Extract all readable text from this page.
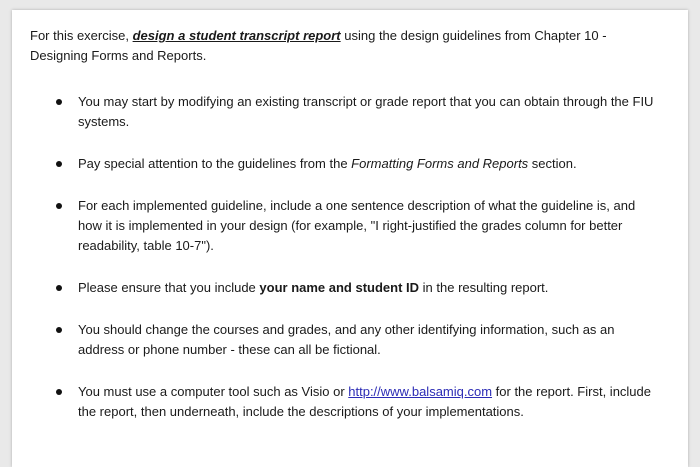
For this exercise, design a student transcript report using the design guidelines from Chapter 10 - Designing Forms and Reports.

You may start by modifying an existing transcript or grade report that you can obtain through the FIU systems.
Pay special attention to the guidelines from the Formatting Forms and Reports section.
For each implemented guideline, include a one sentence description of what the guideline is, and how it is implemented in your design (for example, "I right-justified the grades column for better readability, table 10-7").
Please ensure that you include your name and student ID in the resulting report.
You should change the courses and grades, and any other identifying information, such as an address or phone number - these can all be fictional.
You must use a computer tool such as Visio or http://www.balsamiq.com for the report. First, include the report, then underneath, include the descriptions of your implementations.
